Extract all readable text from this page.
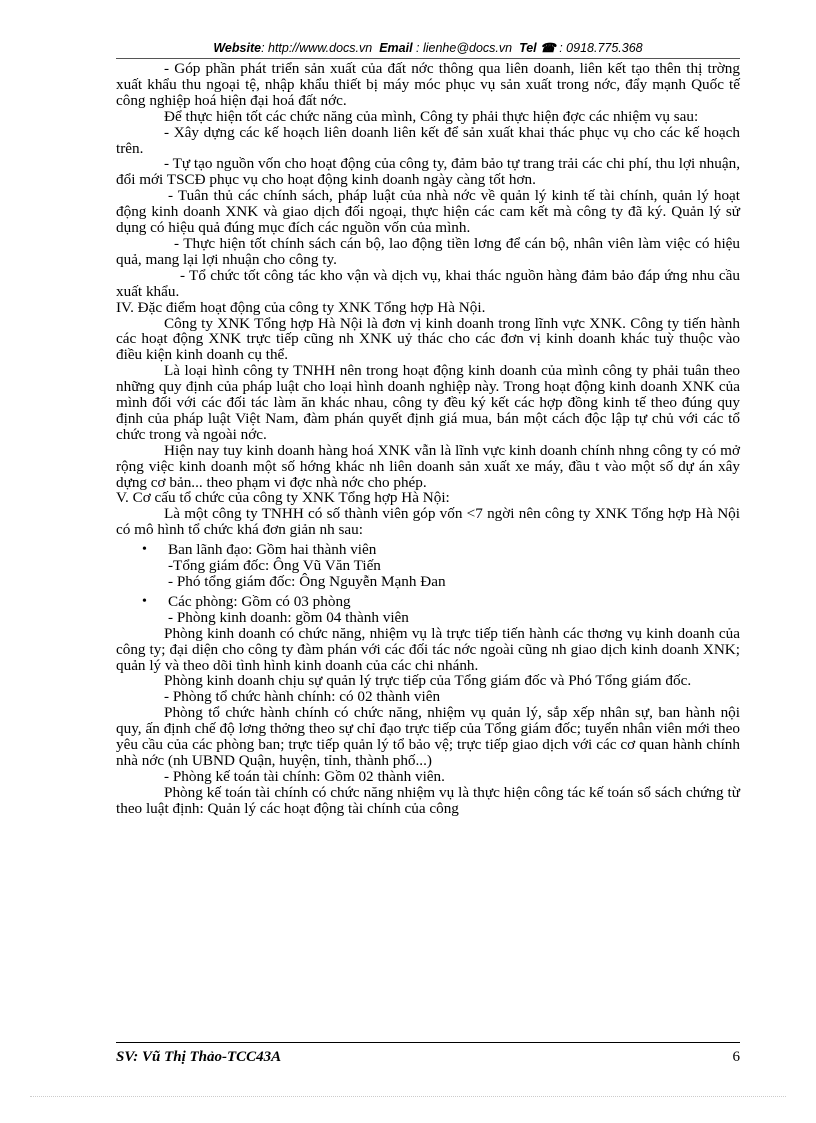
Website: http://www.docs.vn Email : lienhe@docs.vn Tel ☎ : 0918.775.368

- Góp phần phát triển sản xuất của đất nớc thông qua liên doanh, liên kết tạo thên thị trờng xuất khẩu thu ngoại tệ, nhập khẩu thiết bị máy móc phục vụ sản xuất trong nớc, đẩy mạnh Quốc tế công nghiệp hoá hiện đại hoá đất nớc.

Để thực hiện tốt các chức năng của mình, Công ty phải thực hiện đợc các nhiệm vụ sau:

- Xây dựng các kế hoạch liên doanh liên kết để sản xuất khai thác phục vụ cho các kế hoạch trên.

- Tự tạo nguồn vốn cho hoạt động của công ty, đảm bảo tự trang trải các chi phí, thu lợi nhuận, đổi mới TSCĐ phục vụ cho hoạt động kinh doanh ngày càng tốt hơn.

- Tuân thủ các chính sách, pháp luật của nhà nớc về quản lý kinh tế tài chính, quản lý hoạt động kinh doanh XNK và giao dịch đối ngoại, thực hiện các cam kết mà công ty đã ký. Quản lý sử dụng có hiệu quả đúng mục đích các nguồn vốn của mình.

- Thực hiện tốt chính sách cán bộ, lao động tiền lơng để cán bộ, nhân viên làm việc có hiệu quả, mang lại lợi nhuận cho công ty.

- Tổ chức tốt công tác kho vận và dịch vụ, khai thác nguồn hàng đảm bảo đáp ứng nhu cầu xuất khẩu.

IV. Đặc điểm hoạt động của công ty XNK Tổng hợp Hà Nội.

Công ty XNK Tổng hợp Hà Nội là đơn vị kinh doanh trong lĩnh vực XNK. Công ty tiến hành các hoạt động XNK trực tiếp cũng nh XNK uỷ thác cho các đơn vị kinh doanh khác tuỳ thuộc vào điều kiện kinh doanh cụ thể.

Là loại hình công ty TNHH nên trong hoạt động kinh doanh của mình công ty phải tuân theo những quy định của pháp luật cho loại hình doanh nghiệp này. Trong hoạt động kinh doanh XNK của mình đối với các đối tác làm ăn khác nhau, công ty đều ký kết các hợp đồng kinh tế theo đúng quy định của pháp luật Việt Nam, đàm phán quyết định giá mua, bán một cách độc lập tự chủ với các tổ chức trong và ngoài nớc.

Hiện nay tuy kinh doanh hàng hoá XNK vẫn là lĩnh vực kinh doanh chính nhng công ty có mở rộng việc kinh doanh một số hớng khác nh liên doanh sản xuất xe máy, đầu t vào một số dự án xây dựng cơ bản... theo phạm vi đợc nhà nớc cho phép.

V. Cơ cấu tổ chức của công ty XNK Tổng hợp Hà Nội:

Là một công ty TNHH có số thành viên góp vốn <7 ngời nên công ty XNK Tổng hợp Hà Nội có mô hình tổ chức khá đơn giản nh sau:

•	Ban lãnh đạo: Gồm hai thành viên

-Tổng giám đốc: Ông Vũ Văn Tiến

- Phó tổng giám đốc: Ông Nguyễn Mạnh Đan

•	Các phòng: Gồm có 03 phòng

- Phòng kinh doanh: gồm 04 thành viên

Phòng kinh doanh có chức năng, nhiệm vụ là trực tiếp tiến hành các thơng vụ kinh doanh của công ty; đại diện cho công ty đàm phán với các đối tác nớc ngoài cũng nh giao dịch kinh doanh XNK; quản lý và theo dõi tình hình kinh doanh của các chi nhánh.

Phòng kinh doanh chịu sự quản lý trực tiếp của Tổng giám đốc và Phó Tổng giám đốc.

- Phòng tổ chức hành chính: có 02 thành viên

Phòng tổ chức hành chính có chức năng, nhiệm vụ quản lý, sắp xếp nhân sự, ban hành nội quy, ấn định chế độ lơng thởng theo sự chỉ đạo trực tiếp của Tổng giám đốc; tuyển nhân viên mới theo yêu cầu của các phòng ban; trực tiếp quản lý tổ bảo vệ; trực tiếp giao dịch với các cơ quan hành chính nhà nớc (nh UBND Quận, huyện, tỉnh, thành phố...)

- Phòng kế toán tài chính: Gồm 02 thành viên.

Phòng kế toán tài chính có chức năng nhiệm vụ là thực hiện công tác kế toán sổ sách chứng từ theo luật định: Quản lý các hoạt động tài chính của công

SV: Vũ Thị Thảo-TCC43A	6
